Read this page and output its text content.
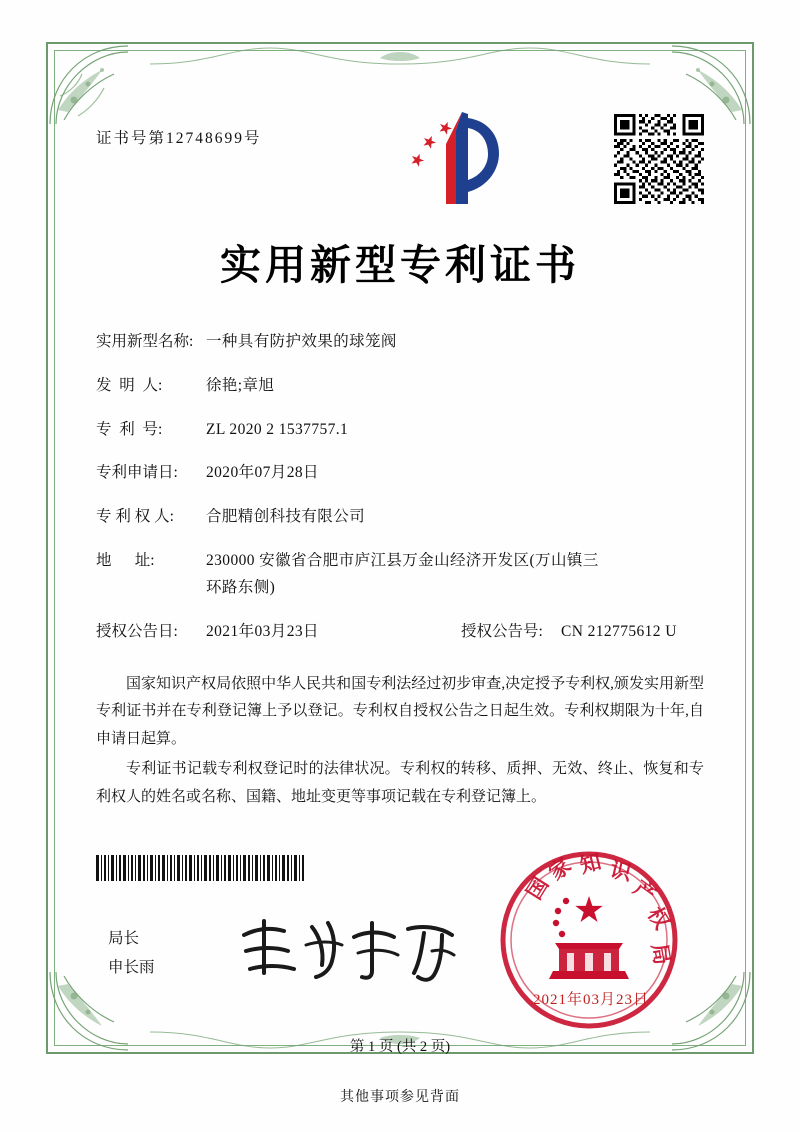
证书号第12748699号
实用新型专利证书
实用新型名称: 一种具有防护效果的球笼阀
发  明  人:	徐艳;章旭
专  利  号:	ZL 2020 2 1537757.1
专利申请日:	2020年07月28日
专 利 权 人:	合肥精创科技有限公司
地      址:	230000 安徽省合肥市庐江县万金山经济开发区(万山镇三
环路东侧)
授权公告日:	2021年03月23日	授权公告号:	CN 212775612 U

国家知识产权局依照中华人民共和国专利法经过初步审查,决定授予专利权,颁发实用新型专利证书并在专利登记簿上予以登记。专利权自授权公告之日起生效。专利权期限为十年,自申请日起算。

专利证书记载专利权登记时的法律状况。专利权的转移、质押、无效、终止、恢复和专利权人的姓名或名称、国籍、地址变更等事项记载在专利登记簿上。

局长
申长雨
国
家 知 识
产
权
局
2021年03月23日
第 1 页 (共 2 页)
其他事项参见背面
